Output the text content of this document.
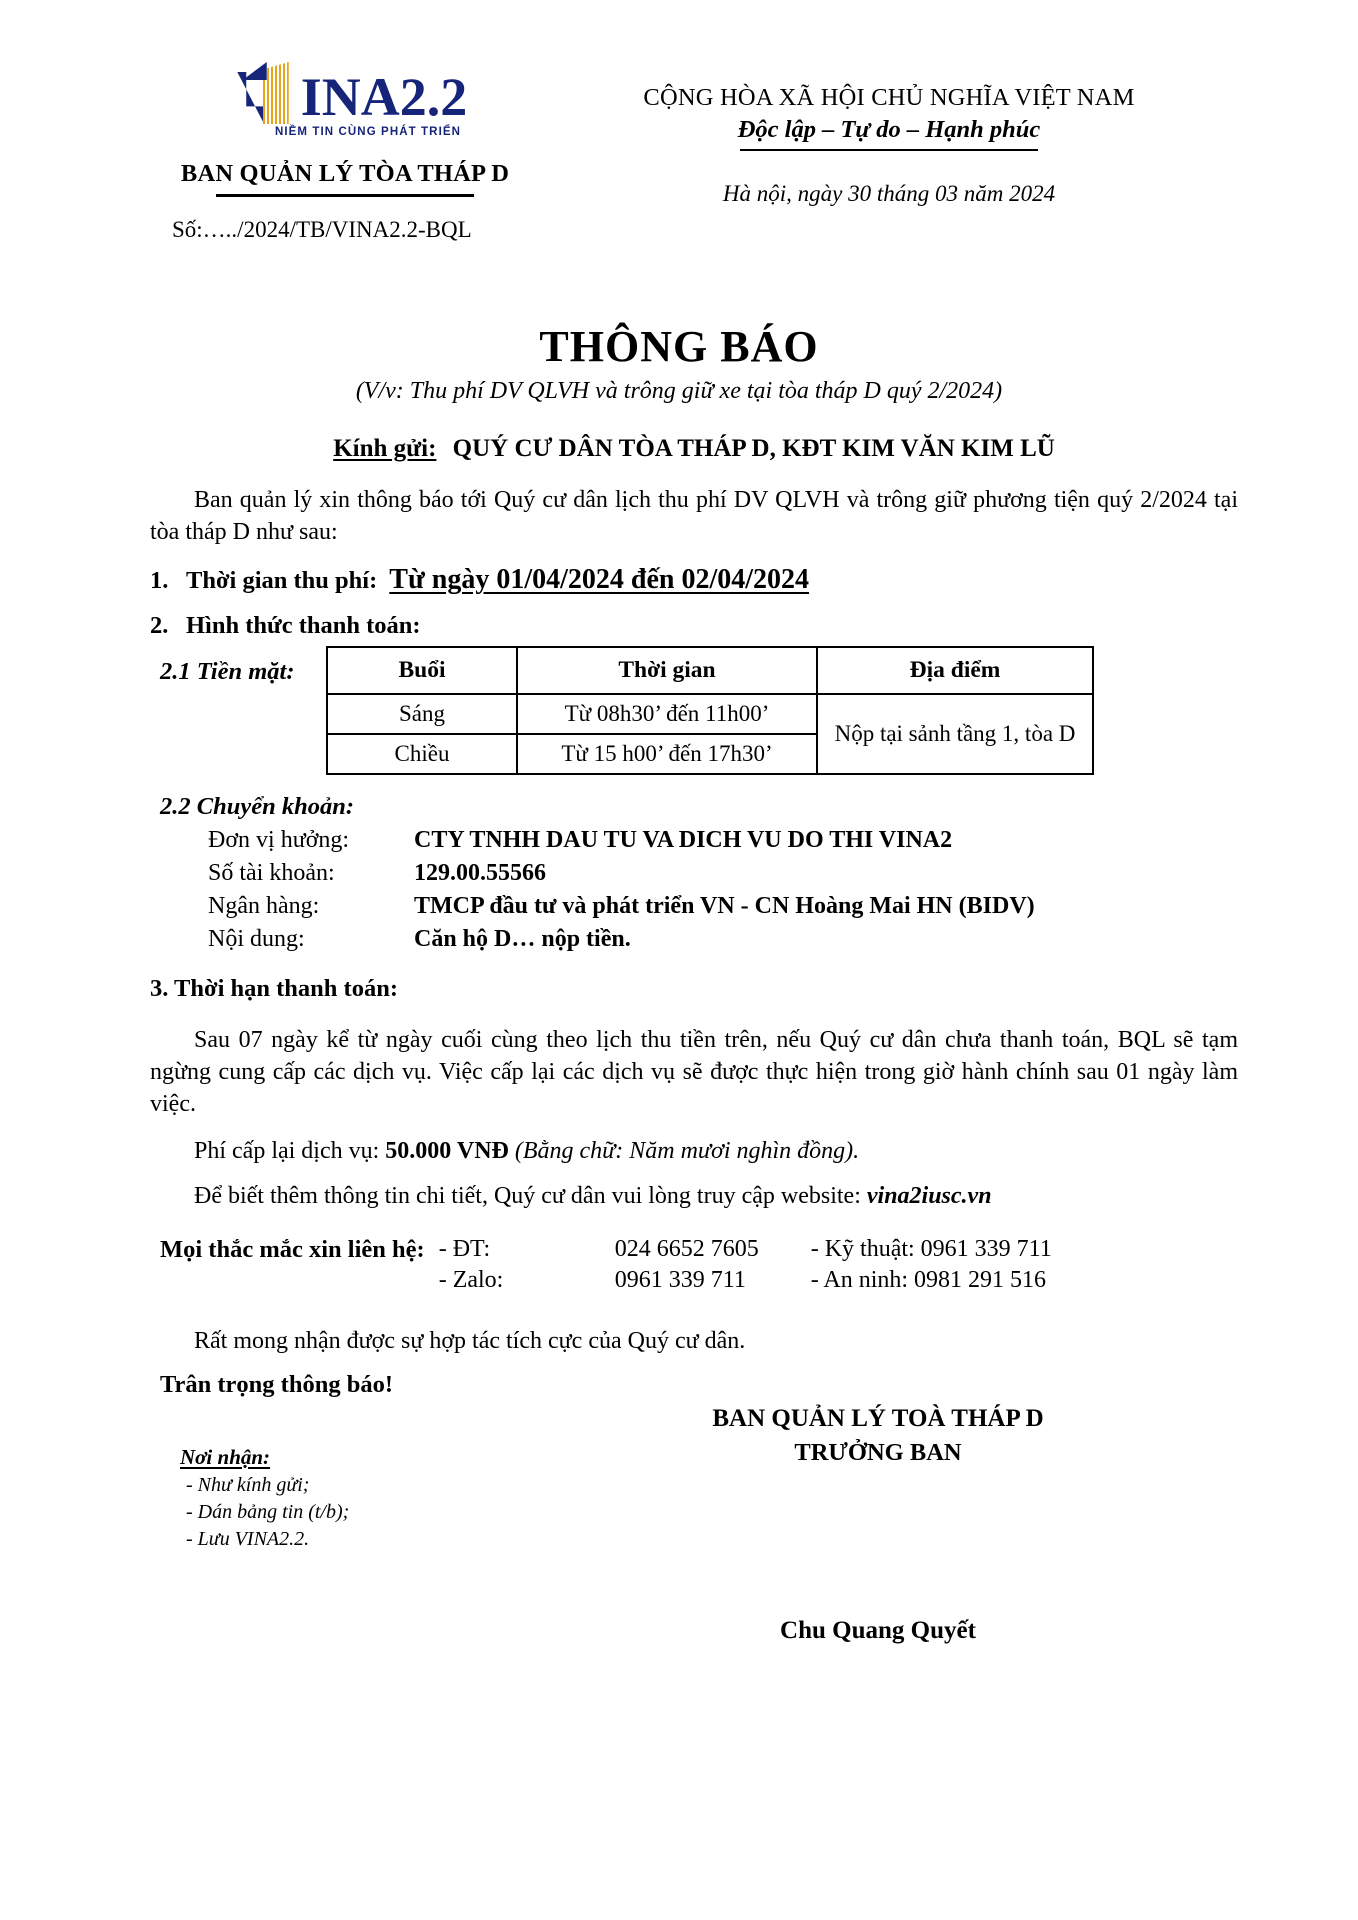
INA2.2
NIỀM TIN CÙNG PHÁT TRIỂN
BAN QUẢN LÝ TÒA THÁP D
Số:…../2024/TB/VINA2.2-BQL
CỘNG HÒA XÃ HỘI CHỦ NGHĨA VIỆT NAM
Độc lập – Tự do – Hạnh phúc
Hà nội, ngày 30 tháng 03 năm 2024
THÔNG BÁO
(V/v: Thu phí DV QLVH và trông giữ xe tại tòa tháp D quý 2/2024)
Kính gửi: QUÝ CƯ DÂN TÒA THÁP D, KĐT KIM VĂN KIM LŨ
Ban quản lý xin thông báo tới Quý cư dân lịch thu phí DV QLVH và trông giữ phương tiện quý 2/2024 tại tòa tháp D như sau:
1. Thời gian thu phí: Từ ngày 01/04/2024 đến 02/04/2024
2. Hình thức thanh toán:
2.1 Tiền mặt:	Buổi	Thời gian	Địa điểm
Sáng	Từ 08h30’ đến 11h00’	Nộp tại sảnh tầng 1, tòa D
Chiều	Từ 15 h00’ đến 17h30’	
2.2 Chuyển khoản:
Đơn vị hưởng:	CTY TNHH DAU TU VA DICH VU DO THI VINA2
Số tài khoản:	129.00.55566
Ngân hàng:	TMCP đầu tư và phát triển VN - CN Hoàng Mai HN (BIDV)
Nội dung:	Căn hộ D… nộp tiền.
3. Thời hạn thanh toán:
Sau 07 ngày kể từ ngày cuối cùng theo lịch thu tiền trên, nếu Quý cư dân chưa thanh toán, BQL sẽ tạm ngừng cung cấp các dịch vụ. Việc cấp lại các dịch vụ sẽ được thực hiện trong giờ hành chính sau 01 ngày làm việc.
Phí cấp lại dịch vụ: 50.000 VNĐ (Bằng chữ: Năm mươi nghìn đồng).
Để biết thêm thông tin chi tiết, Quý cư dân vui lòng truy cập website: vina2iusc.vn
Mọi thắc mắc xin liên hệ: - ĐT:	024 6652 7605	- Kỹ thuật: 0961 339 711
- Zalo:	0961 339 711	- An ninh: 0981 291 516
Rất mong nhận được sự hợp tác tích cực của Quý cư dân.
Trân trọng thông báo!
BAN QUẢN LÝ TOÀ THÁP D
TRƯỞNG BAN
Chu Quang Quyết
Nơi nhận:
- Như kính gửi;
- Dán bảng tin (t/b);
- Lưu VINA2.2.
